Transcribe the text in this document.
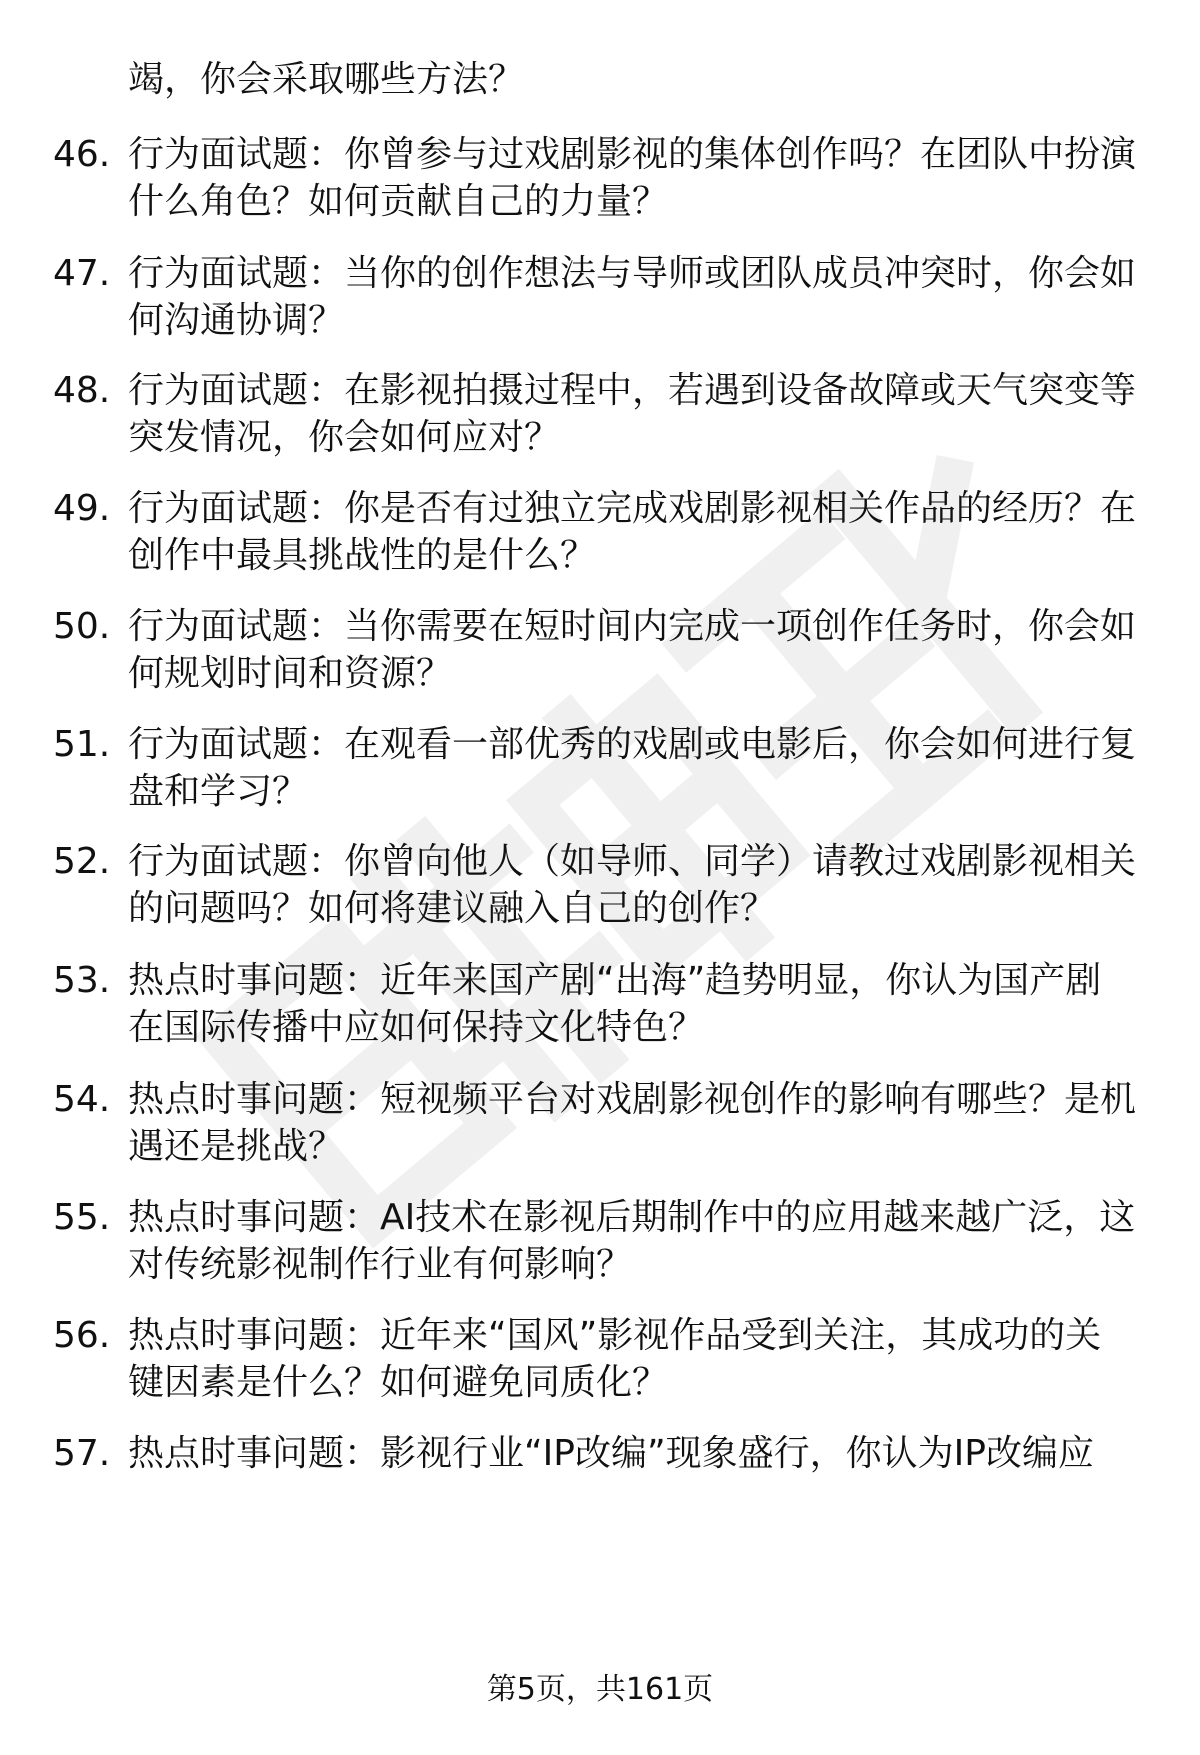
竭，你会采取哪些方法？
46. 行为面试题：你曾参与过戏剧影视的集体创作吗？在团队中扮演
什么角色？如何贡献自己的力量？
47. 行为面试题：当你的创作想法与导师或团队成员冲突时，你会如
何沟通协调？
48. 行为面试题：在影视拍摄过程中，若遇到设备故障或天气突变等
突发情况，你会如何应对？
49. 行为面试题：你是否有过独立完成戏剧影视相关作品的经历？在
创作中最具挑战性的是什么？
50. 行为面试题：当你需要在短时间内完成一项创作任务时，你会如
何规划时间和资源？
51. 行为面试题：在观看一部优秀的戏剧或电影后，你会如何进行复
盘和学习？
52. 行为面试题：你曾向他人（如导师、同学）请教过戏剧影视相关
的问题吗？如何将建议融入自己的创作？
53. 热点时事问题：近年来国产剧“出海”趋势明显，你认为国产剧
在国际传播中应如何保持文化特色？
54. 热点时事问题：短视频平台对戏剧影视创作的影响有哪些？是机
遇还是挑战？
55. 热点时事问题：AI技术在影视后期制作中的应用越来越广泛，这
对传统影视制作行业有何影响？
56. 热点时事问题：近年来“国风”影视作品受到关注，其成功的关
键因素是什么？如何避免同质化？
57. 热点时事问题：影视行业“IP改编”现象盛行，你认为IP改编应
第5页，共161页
